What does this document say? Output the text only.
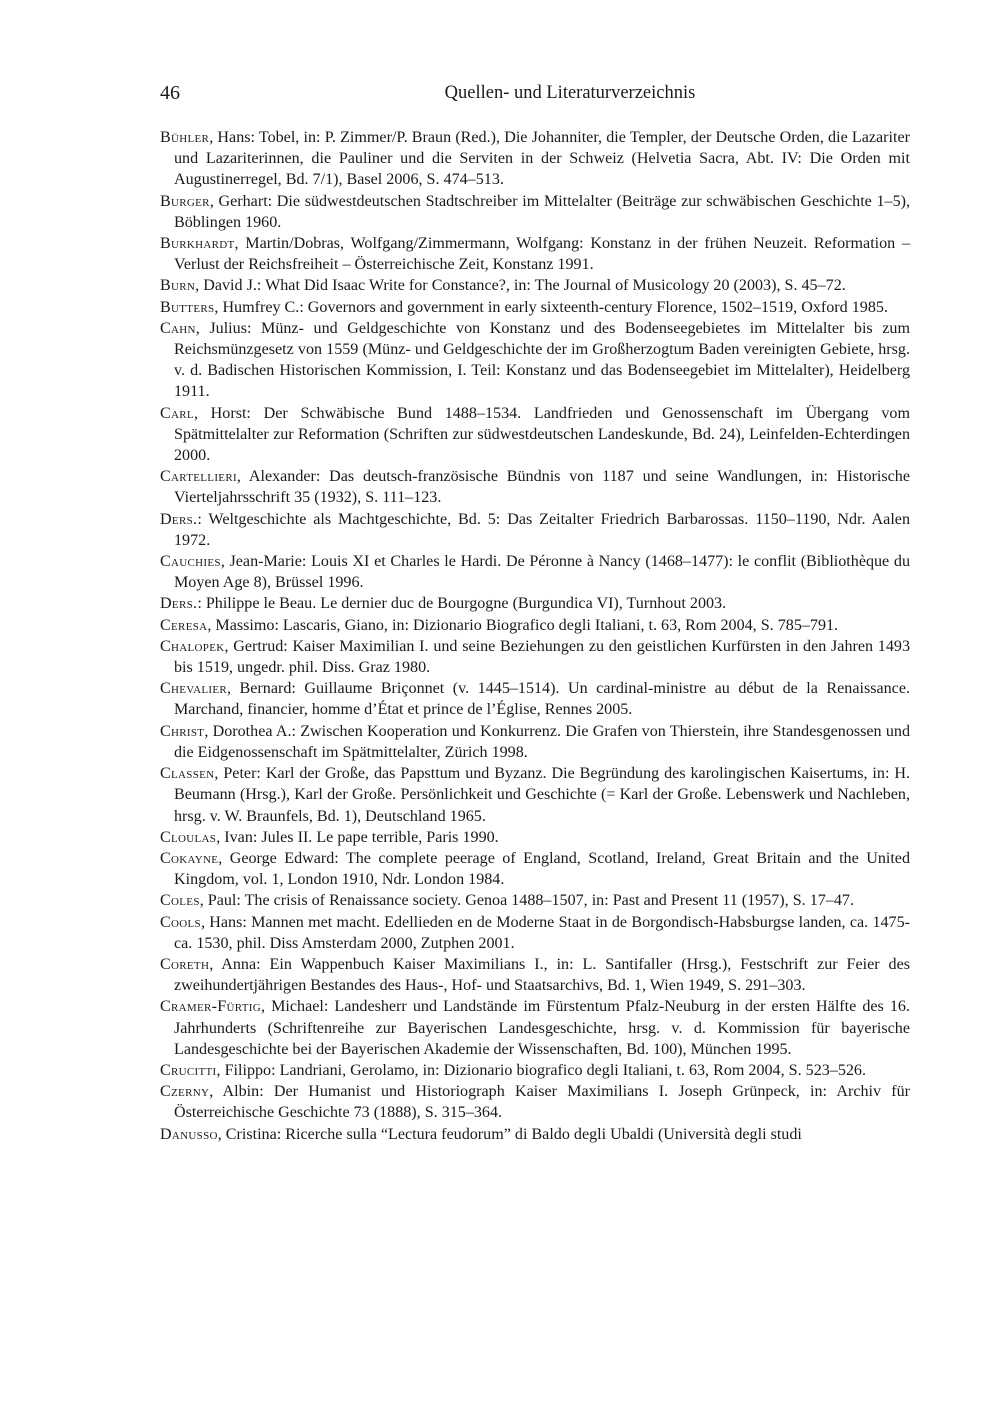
46	Quellen- und Literaturverzeichnis

Bühler, Hans: Tobel, in: P. Zimmer/P. Braun (Red.), Die Johanniter, die Templer, der Deutsche Orden, die Lazariter und Lazariterinnen, die Pauliner und die Serviten in der Schweiz (Helvetia Sacra, Abt. IV: Die Orden mit Augustinerregel, Bd. 7/1), Basel 2006, S. 474–513.

Burger, Gerhart: Die südwestdeutschen Stadtschreiber im Mittelalter (Beiträge zur schwäbischen Geschichte 1–5), Böblingen 1960.

Burkhardt, Martin/Dobras, Wolfgang/Zimmermann, Wolfgang: Konstanz in der frühen Neuzeit. Reformation – Verlust der Reichsfreiheit – Österreichische Zeit, Konstanz 1991.

Burn, David J.: What Did Isaac Write for Constance?, in: The Journal of Musicology 20 (2003), S. 45–72.

Butters, Humfrey C.: Governors and government in early sixteenth-century Florence, 1502–1519, Oxford 1985.

Cahn, Julius: Münz- und Geldgeschichte von Konstanz und des Bodenseegebietes im Mittelalter bis zum Reichsmünzgesetz von 1559 (Münz- und Geldgeschichte der im Großherzogtum Baden vereinigten Gebiete, hrsg. v. d. Badischen Historischen Kommission, I. Teil: Konstanz und das Bodenseegebiet im Mittelalter), Heidelberg 1911.

Carl, Horst: Der Schwäbische Bund 1488–1534. Landfrieden und Genossenschaft im Übergang vom Spätmittelalter zur Reformation (Schriften zur südwestdeutschen Landeskunde, Bd. 24), Leinfelden-Echterdingen 2000.

Cartellieri, Alexander: Das deutsch-französische Bündnis von 1187 und seine Wandlungen, in: Historische Vierteljahrsschrift 35 (1932), S. 111–123.

Ders.: Weltgeschichte als Machtgeschichte, Bd. 5: Das Zeitalter Friedrich Barbarossas. 1150–1190, Ndr. Aalen 1972.

Cauchies, Jean-Marie: Louis XI et Charles le Hardi. De Péronne à Nancy (1468–1477): le conflit (Bibliothèque du Moyen Age 8), Brüssel 1996.

Ders.: Philippe le Beau. Le dernier duc de Bourgogne (Burgundica VI), Turnhout 2003.

Ceresa, Massimo: Lascaris, Giano, in: Dizionario Biografico degli Italiani, t. 63, Rom 2004, S. 785–791.

Chalopek, Gertrud: Kaiser Maximilian I. und seine Beziehungen zu den geistlichen Kurfürsten in den Jahren 1493 bis 1519, ungedr. phil. Diss. Graz 1980.

Chevalier, Bernard: Guillaume Briçonnet (v. 1445–1514). Un cardinal-ministre au début de la Renaissance. Marchand, financier, homme d’État et prince de l’Église, Rennes 2005.

Christ, Dorothea A.: Zwischen Kooperation und Konkurrenz. Die Grafen von Thierstein, ihre Standesgenossen und die Eidgenossenschaft im Spätmittelalter, Zürich 1998.

Classen, Peter: Karl der Große, das Papsttum und Byzanz. Die Begründung des karolingischen Kaisertums, in: H. Beumann (Hrsg.), Karl der Große. Persönlichkeit und Geschichte (= Karl der Große. Lebenswerk und Nachleben, hrsg. v. W. Braunfels, Bd. 1), Deutschland 1965.

Cloulas, Ivan: Jules II. Le pape terrible, Paris 1990.

Cokayne, George Edward: The complete peerage of England, Scotland, Ireland, Great Britain and the United Kingdom, vol. 1, London 1910, Ndr. London 1984.

Coles, Paul: The crisis of Renaissance society. Genoa 1488–1507, in: Past and Present 11 (1957), S. 17–47.

Cools, Hans: Mannen met macht. Edellieden en de Moderne Staat in de Borgondisch-Habsburgse landen, ca. 1475-ca. 1530, phil. Diss Amsterdam 2000, Zutphen 2001.

Coreth, Anna: Ein Wappenbuch Kaiser Maximilians I., in: L. Santifaller (Hrsg.), Festschrift zur Feier des zweihundertjährigen Bestandes des Haus-, Hof- und Staatsarchivs, Bd. 1, Wien 1949, S. 291–303.

Cramer-Fürtig, Michael: Landesherr und Landstände im Fürstentum Pfalz-Neuburg in der ersten Hälfte des 16. Jahrhunderts (Schriftenreihe zur Bayerischen Landesgeschichte, hrsg. v. d. Kommission für bayerische Landesgeschichte bei der Bayerischen Akademie der Wissenschaften, Bd. 100), München 1995.

Crucitti, Filippo: Landriani, Gerolamo, in: Dizionario biografico degli Italiani, t. 63, Rom 2004, S. 523–526.

Czerny, Albin: Der Humanist und Historiograph Kaiser Maximilians I. Joseph Grünpeck, in: Archiv für Österreichische Geschichte 73 (1888), S. 315–364.

Danusso, Cristina: Ricerche sulla “Lectura feudorum” di Baldo degli Ubaldi (Università degli studi
